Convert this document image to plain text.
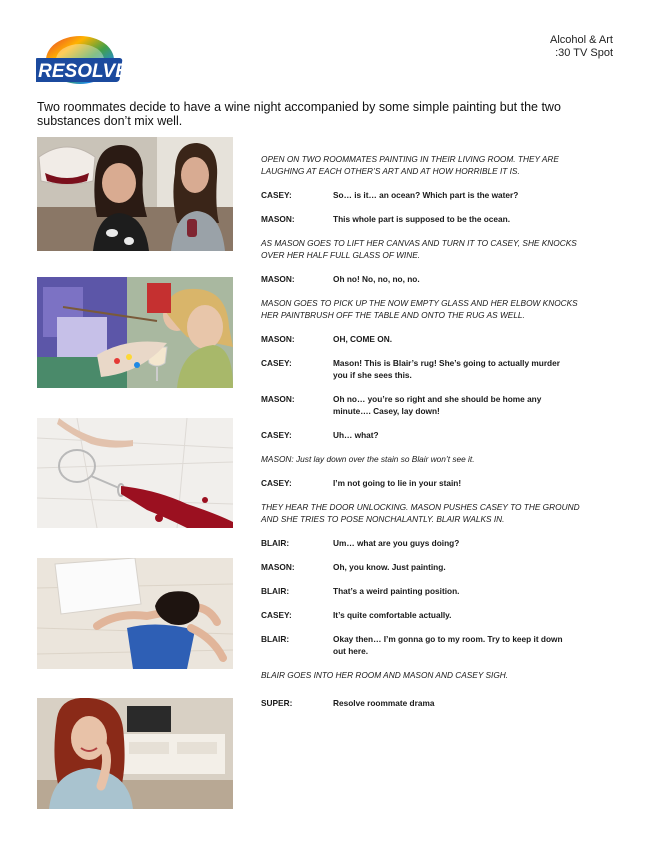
RESOLVE
Alcohol & Art
:30 TV Spot
Two roommates decide to have a wine night accompanied by some simple painting but the two substances don’t mix well.
OPEN ON TWO ROOMMATES PAINTING IN THEIR LIVING ROOM. THEY ARE LAUGHING AT EACH OTHER’S ART AND AT HOW HORRIBLE IT IS.
CASEY:	So… is it… an ocean? Which part is the water?
MASON:	This whole part is supposed to be the ocean.
AS MASON GOES TO LIFT HER CANVAS AND TURN IT TO CASEY, SHE KNOCKS OVER HER HALF FULL GLASS OF WINE.
MASON:	Oh no! No, no, no, no.
MASON GOES TO PICK UP THE NOW EMPTY GLASS AND HER ELBOW KNOCKS HER PAINTBRUSH OFF THE TABLE AND ONTO THE RUG AS WELL.
MASON:	OH, COME ON.
CASEY:	Mason! This is Blair’s rug! She’s going to actually murder you if she sees this.
MASON:	Oh no… you’re so right and she should be home any minute…. Casey, lay down!
CASEY:	Uh… what?
MASON: Just lay down over the stain so Blair won’t see it.
CASEY:	I’m not going to lie in your stain!
THEY HEAR THE DOOR UNLOCKING. MASON PUSHES CASEY TO THE GROUND AND SHE TRIES TO POSE NONCHALANTLY. BLAIR WALKS IN.
BLAIR:	Um… what are you guys doing?
MASON:	Oh, you know. Just painting.
BLAIR:	That’s a weird painting position.
CASEY:	It’s quite comfortable actually.
BLAIR:	Okay then… I’m gonna go to my room. Try to keep it down out here.
BLAIR GOES INTO HER ROOM AND MASON AND CASEY SIGH.
SUPER:	Resolve roommate drama
